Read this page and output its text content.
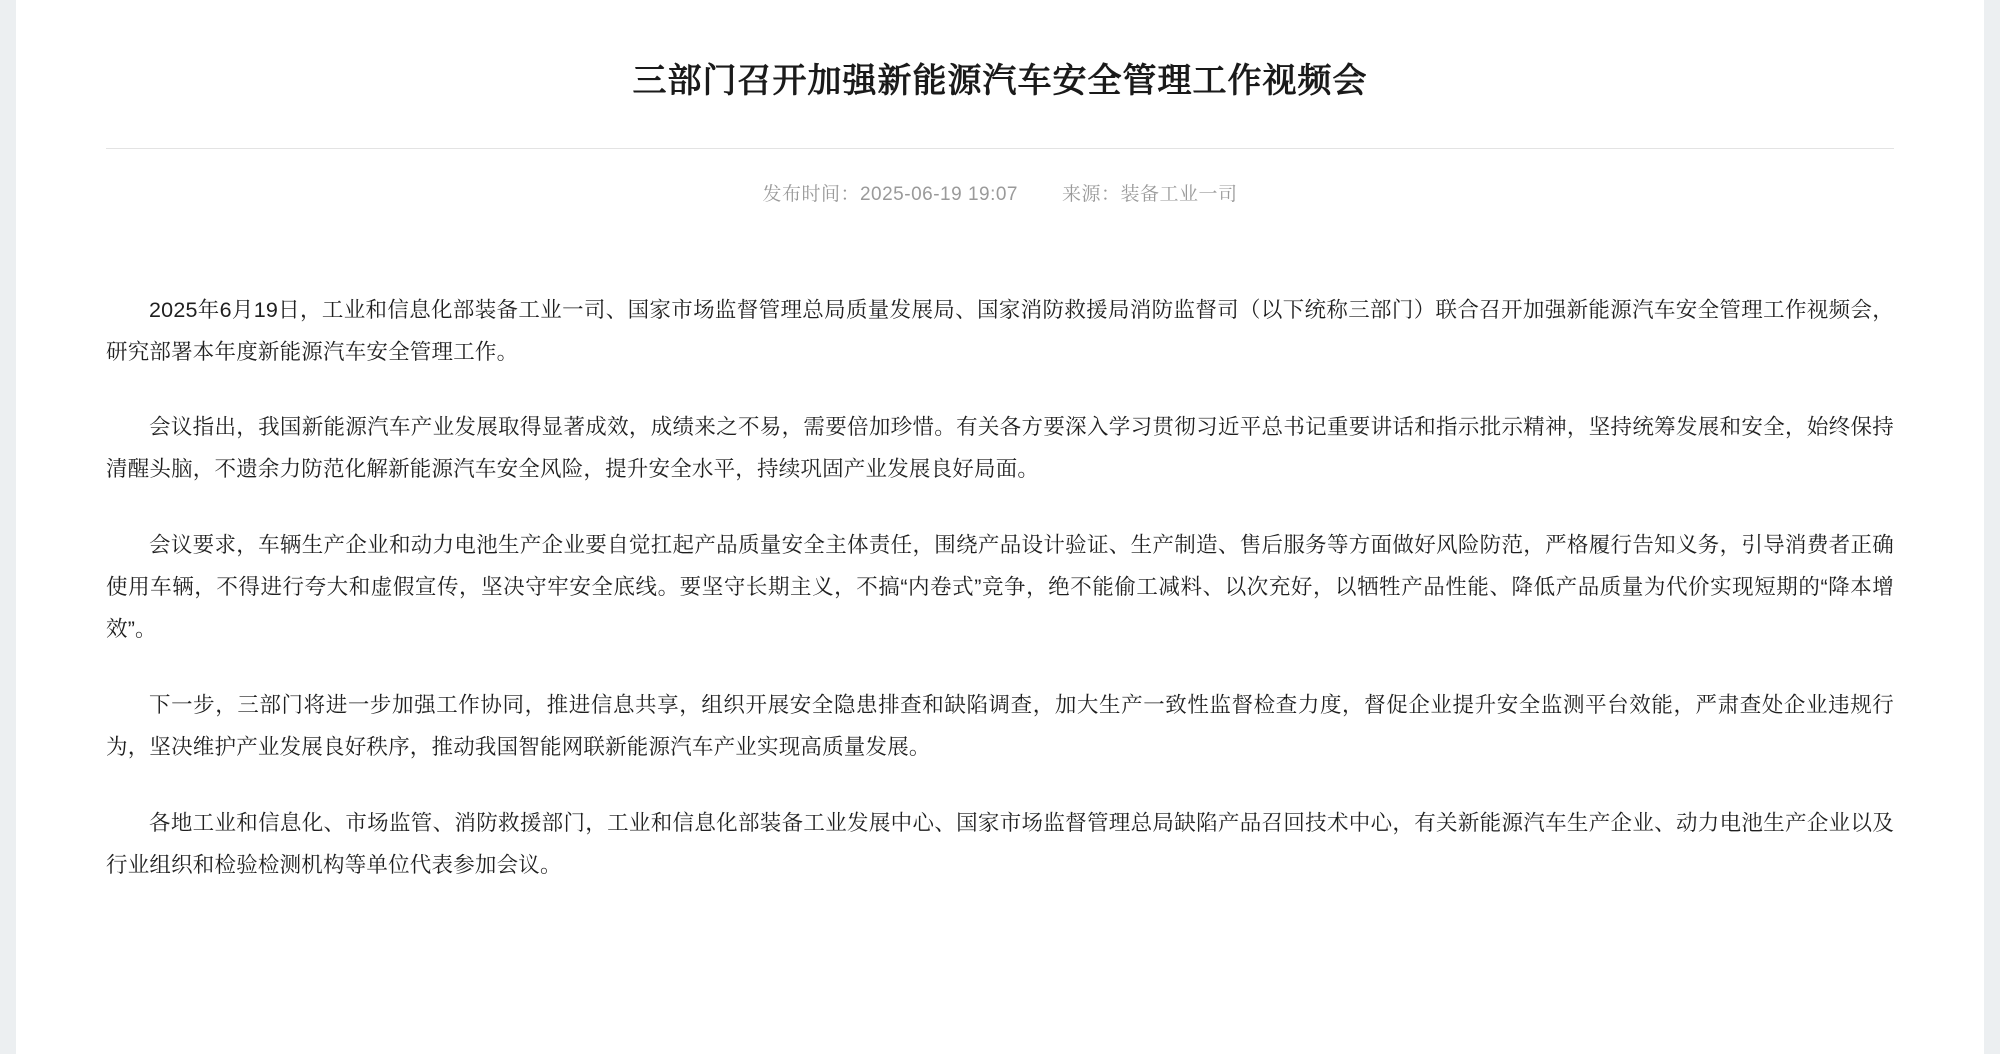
三部门召开加强新能源汽车安全管理工作视频会
发布时间：2025-06-19 19:07 来源：装备工业一司

2025年6月19日，工业和信息化部装备工业一司、国家市场监督管理总局质量发展局、国家消防救援局消防监督司（以下统称三部门）联合召开加强新能源汽车安全管理工作视频会，研究部署本年度新能源汽车安全管理工作。

会议指出，我国新能源汽车产业发展取得显著成效，成绩来之不易，需要倍加珍惜。有关各方要深入学习贯彻习近平总书记重要讲话和指示批示精神，坚持统筹发展和安全，始终保持清醒头脑，不遗余力防范化解新能源汽车安全风险，提升安全水平，持续巩固产业发展良好局面。

会议要求，车辆生产企业和动力电池生产企业要自觉扛起产品质量安全主体责任，围绕产品设计验证、生产制造、售后服务等方面做好风险防范，严格履行告知义务，引导消费者正确使用车辆，不得进行夸大和虚假宣传，坚决守牢安全底线。要坚守长期主义，不搞“内卷式”竞争，绝不能偷工减料、以次充好，以牺牲产品性能、降低产品质量为代价实现短期的“降本增效”。

下一步，三部门将进一步加强工作协同，推进信息共享，组织开展安全隐患排查和缺陷调查，加大生产一致性监督检查力度，督促企业提升安全监测平台效能，严肃查处企业违规行为，坚决维护产业发展良好秩序，推动我国智能网联新能源汽车产业实现高质量发展。

各地工业和信息化、市场监管、消防救援部门，工业和信息化部装备工业发展中心、国家市场监督管理总局缺陷产品召回技术中心，有关新能源汽车生产企业、动力电池生产企业以及行业组织和检验检测机构等单位代表参加会议。
